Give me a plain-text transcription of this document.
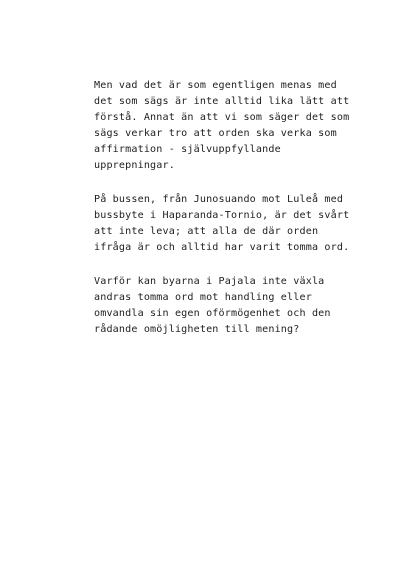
Men vad det är som egentligen menas med
det som sägs är inte alltid lika lätt att
förstå. Annat än att vi som säger det som
sägs verkar tro att orden ska verka som
affirmation - självuppfyllande
upprepningar.

På bussen, från Junosuando mot Luleå med
bussbyte i Haparanda-Tornio, är det svårt
att inte leva; att alla de där orden
ifråga är och alltid har varit tomma ord.

Varför kan byarna i Pajala inte växla
andras tomma ord mot handling eller
omvandla sin egen oförmögenhet och den
rådande omöjligheten till mening?
